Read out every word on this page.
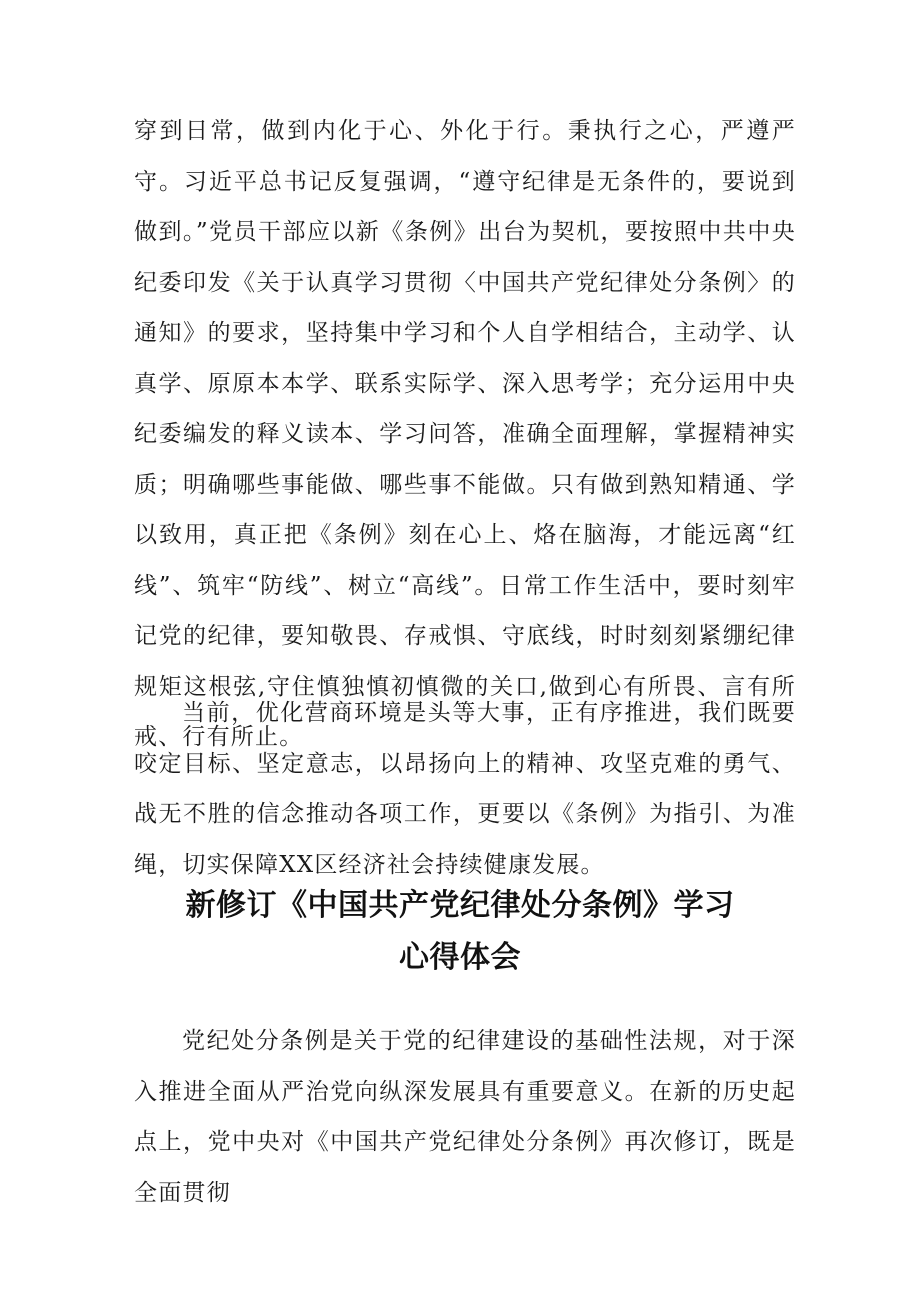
穿到日常，做到内化于心、外化于行。秉执行之心，严遵严守。习近平总书记反复强调，“遵守纪律是无条件的，要说到做到。”党员干部应以新《条例》出台为契机，要按照中共中央纪委印发《关于认真学习贯彻〈中国共产党纪律处分条例〉的通知》的要求，坚持集中学习和个人自学相结合，主动学、认真学、原原本本学、联系实际学、深入思考学；充分运用中央纪委编发的释义读本、学习问答，准确全面理解，掌握精神实质；明确哪些事能做、哪些事不能做。只有做到熟知精通、学以致用，真正把《条例》刻在心上、烙在脑海，才能远离“红线”、筑牢“防线”、树立“高线”。日常工作生活中，要时刻牢记党的纪律，要知敬畏、存戒惧、守底线，时时刻刻紧绷纪律规矩这根弦,守住慎独慎初慎微的关口,做到心有所畏、言有所戒、行有所止。

当前，优化营商环境是头等大事，正有序推进，我们既要咬定目标、坚定意志，以昂扬向上的精神、攻坚克难的勇气、战无不胜的信念推动各项工作，更要以《条例》为指引、为准绳，切实保障XX区经济社会持续健康发展。

新修订《中国共产党纪律处分条例》学习
心得体会

党纪处分条例是关于党的纪律建设的基础性法规，对于深入推进全面从严治党向纵深发展具有重要意义。在新的历史起点上，党中央对《中国共产党纪律处分条例》再次修订，既是全面贯彻
